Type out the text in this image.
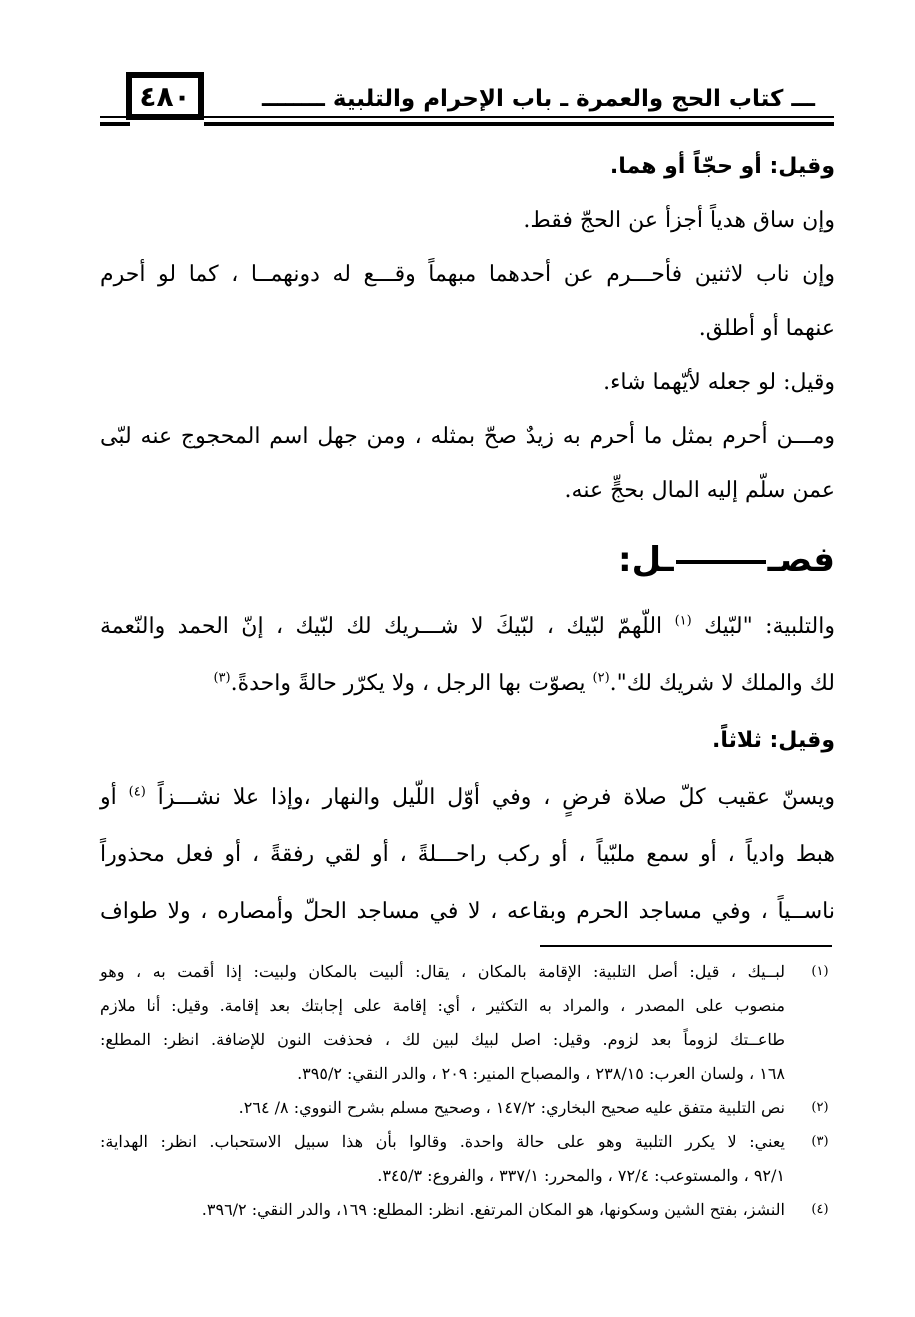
ـــ كتاب الحج والعمرة ـ باب الإحرام والتلبية ــــــــ
٤٨٠
وقيل: أو حجّاً أو هما.
وإن ساق هدياً أجزأ عن الحجّ فقط.
وإن ناب لاثنين فأحـــرم عن أحدهما مبهماً وقـــع له دونهمــا ، كما لو أحرم
عنهما أو أطلق.
وقيل: لو جعله لأيّهما شاء.
ومـــن أحرم بمثل ما أحرم به زيدٌ صحّ بمثله ، ومن جهل اسم المحجوج عنه لبّى
عمن سلّم إليه المال بحجٍّ عنه.
فصــل:
والتلبية: "لبّيك $^{(١)}$ اللّهمّ لبّيك ، لبّيكَ لا شـــريك لك لبّيك ، إنّ الحمد والنّعمة
لك والملك لا شريك لك".$^{(٢)}$ يصوّت بها الرجل ، ولا يكرّر حالةً واحدةً.$^{(٣)}$
وقيل: ثلاثاً.
ويسنّ عقيب كلّ صلاة فرضٍ ، وفي أوّل اللّيل والنهار ،وإذا علا نشـــزاً $^{(٤)}$ أو
هبط وادياً ، أو سمع ملبّياً ، أو ركب راحـــلةً ، أو لقي رفقةً ، أو فعل محذوراً
ناســياً ، وفي مساجد الحرم وبقاعه ، لا في مساجد الحلّ وأمصاره ، ولا طواف
(١)
لبــيك ، قيل: أصل التلبية: الإقامة بالمكان ، يقال: ألبيت بالمكان ولبيت: إذا أقمت به ، وهو
منصوب على المصدر ، والمراد به التكثير ، أي: إقامة على إجابتك بعد إقامة. وقيل: أنا ملازم
طاعــتك لزوماً بعد لزوم. وقيل: اصل لبيك لبين لك ، فحذفت النون للإضافة. انظر: المطلع:
١٦٨ ، ولسان العرب: ٢٣٨/١٥ ، والمصباح المنير: ٢٠٩ ، والدر النقي: ٣٩٥/٢.
(٢)
نص التلبية متفق عليه صحيح البخاري: ١٤٧/٢ ، وصحيح مسلم بشرح النووي: ٨/ ٢٦٤.
(٣)
يعني: لا يكرر التلبية وهو على حالة واحدة. وقالوا بأن هذا سبيل الاستحباب. انظر: الهداية:
٩٢/١ ، والمستوعب: ٧٢/٤ ، والمحرر: ٣٣٧/١ ، والفروع: ٣٤٥/٣.
(٤)
النشز، بفتح الشين وسكونها، هو المكان المرتفع. انظر: المطلع: ١٦٩، والدر النقي: ٣٩٦/٢.
